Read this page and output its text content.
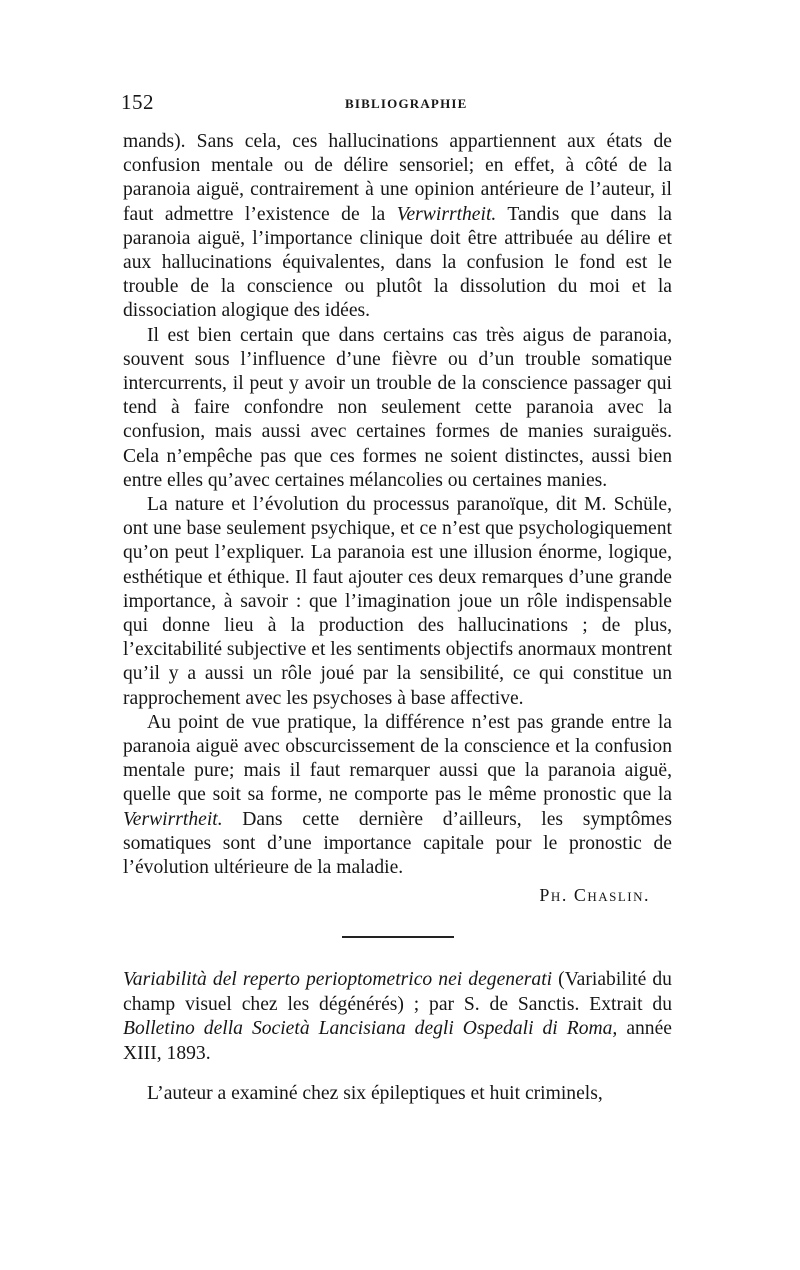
152	BIBLIOGRAPHIE

mands). Sans cela, ces hallucinations appartiennent aux états de confusion mentale ou de délire sensoriel; en effet, à côté de la paranoia aiguë, contrairement à une opinion antérieure de l’auteur, il faut admettre l’existence de la Verwirrtheit. Tandis que dans la paranoia aiguë, l’importance clinique doit être attribuée au délire et aux hallucinations équivalentes, dans la confusion le fond est le trouble de la conscience ou plutôt la dissolution du moi et la dissociation alogique des idées.

Il est bien certain que dans certains cas très aigus de paranoia, souvent sous l’influence d’une fièvre ou d’un trouble somatique intercurrents, il peut y avoir un trouble de la conscience passager qui tend à faire confondre non seulement cette paranoia avec la confusion, mais aussi avec certaines formes de manies suraiguës. Cela n’empêche pas que ces formes ne soient distinctes, aussi bien entre elles qu’avec certaines mélancolies ou certaines manies.

La nature et l’évolution du processus paranoïque, dit M. Schüle, ont une base seulement psychique, et ce n’est que psychologiquement qu’on peut l’expliquer. La paranoia est une illusion énorme, logique, esthétique et éthique. Il faut ajouter ces deux remarques d’une grande importance, à savoir : que l’imagination joue un rôle indispensable qui donne lieu à la production des hallucinations ; de plus, l’excitabilité subjective et les sentiments objectifs anormaux montrent qu’il y a aussi un rôle joué par la sensibilité, ce qui constitue un rapprochement avec les psychoses à base affective.

Au point de vue pratique, la différence n’est pas grande entre la paranoia aiguë avec obscurcissement de la conscience et la confusion mentale pure; mais il faut remarquer aussi que la paranoia aiguë, quelle que soit sa forme, ne comporte pas le même pronostic que la Verwirrtheit. Dans cette dernière d’ailleurs, les symptômes somatiques sont d’une importance capitale pour le pronostic de l’évolution ultérieure de la maladie.

Ph. Chaslin.

Variabilità del reperto perioptometrico nei degenerati (Variabilité du champ visuel chez les dégénérés) ; par S. de Sanctis. Extrait du Bolletino della Società Lancisiana degli Ospedali di Roma, année XIII, 1893.

L’auteur a examiné chez six épileptiques et huit criminels,
